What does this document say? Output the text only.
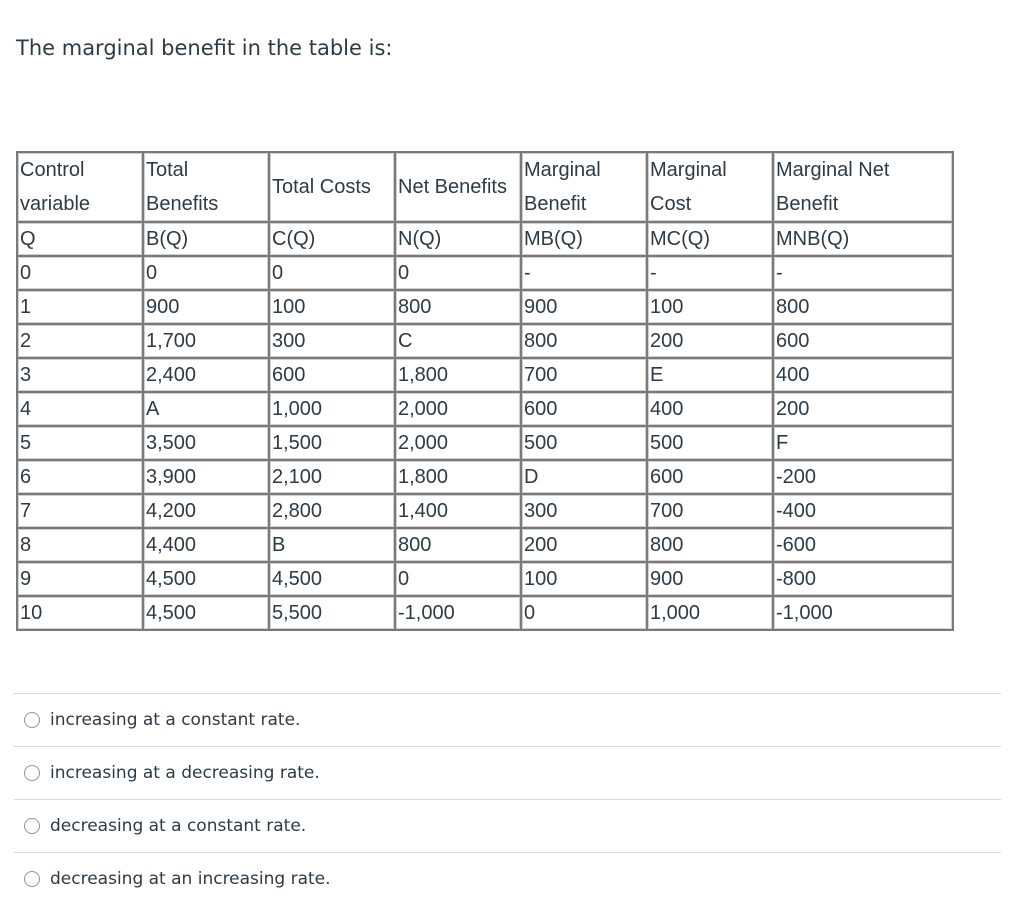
The marginal benefit in the table is:

Control variable	Total Benefits	Total Costs	Net Benefits	Marginal Benefit	Marginal Cost	Marginal Net Benefit

Q	B(Q)	C(Q)	N(Q)	MB(Q)	MC(Q)	MNB(Q)
0	0	0	0	-	-	-
1	900	100	800	900	100	800
2	1,700	300	C	800	200	600
3	2,400	600	1,800	700	E	400
4	A	1,000	2,000	600	400	200
5	3,500	1,500	2,000	500	500	F
6	3,900	2,100	1,800	D	600	-200
7	4,200	2,800	1,400	300	700	-400
8	4,400	B	800	200	800	-600
9	4,500	4,500	0	100	900	-800
10	4,500	5,500	-1,000	0	1,000	-1,000
increasing at a constant rate.
increasing at a decreasing rate.
decreasing at a constant rate.
decreasing at an increasing rate.
